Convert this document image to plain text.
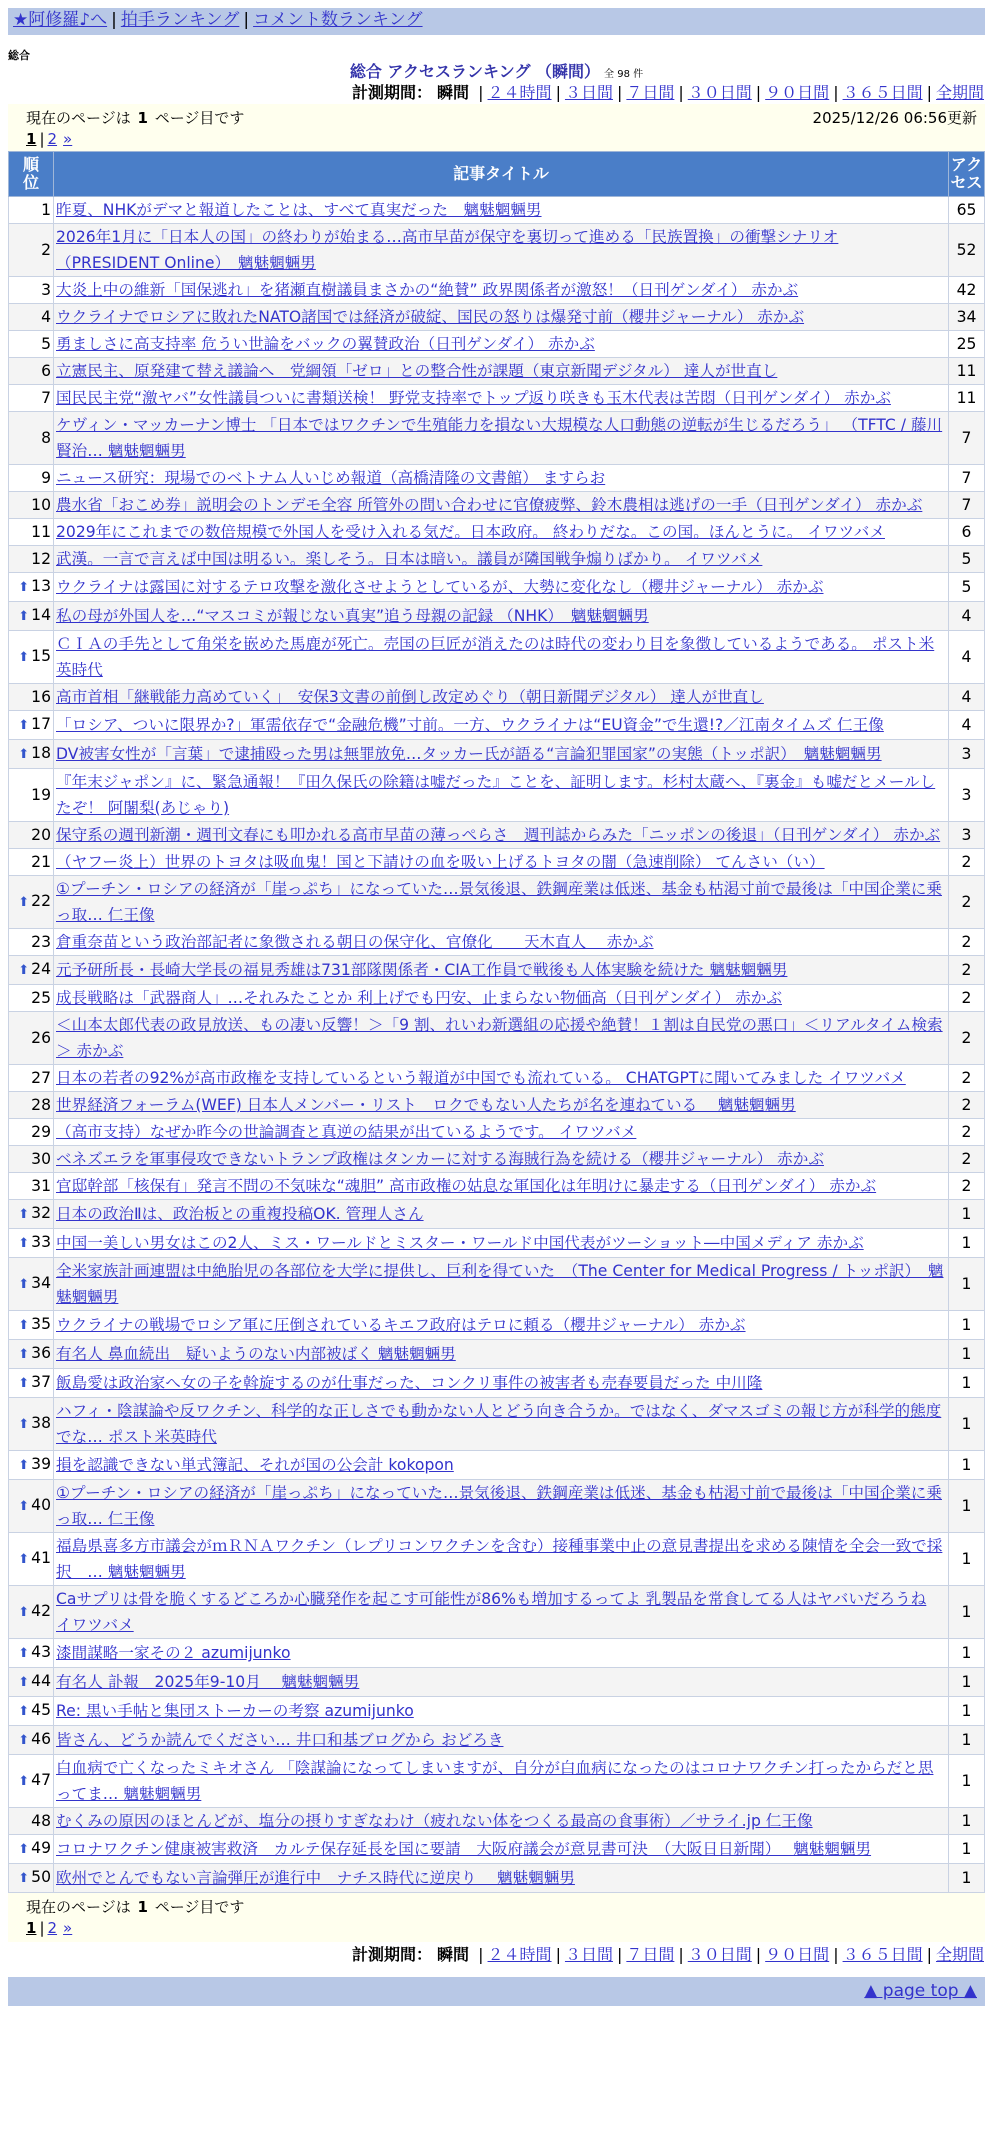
★阿修羅♪へ | 拍手ランキング | コメント数ランキング
総合
総合 アクセスランキング （瞬間） 全 98 件
計測期間： 瞬間 | ２４時間 | ３日間 | ７日間 | ３０日間 | ９０日間 | ３６５日間 | 全期間
現在のページは 1 ページ目です	2025/12/26 06:56更新
1 | 2 »
順位	記事タイトル	アクセス
1	昨夏、NHKがデマと報道したことは、すべて真実だった　魑魅魍魎男	65
2	2026年1月に「日本人の国」の終わりが始まる…高市早苗が保守を裏切って進める「民族置換」の衝撃シナリオ （PRESIDENT Online）　魑魅魍魎男	52
3	大炎上中の維新「国保逃れ」を猪瀬直樹議員まさかの“絶賛” 政界関係者が激怒！（日刊ゲンダイ） 赤かぶ	42
4	ウクライナでロシアに敗れたNATO諸国では経済が破綻、国民の怒りは爆発寸前（櫻井ジャーナル） 赤かぶ	34
5	勇ましさに高支持率 危うい世論をバックの翼賛政治（日刊ゲンダイ） 赤かぶ	25
6	立憲民主、原発建て替え議論へ　党綱領「ゼロ」との整合性が課題（東京新聞デジタル） 達人が世直し	11
7	国民民主党“激ヤバ”女性議員ついに書類送検！ 野党支持率でトップ返り咲きも玉木代表は苦悶（日刊ゲンダイ） 赤かぶ	11
8	ケヴィン・マッカーナン博士 「日本ではワクチンで生殖能力を損ない大規模な人口動態の逆転が生じるだろう」 （TFTC / 藤川賢治… 魑魅魍魎男	7
9	ニュース研究：現場でのベトナム人いじめ報道（高橋清隆の文書館） ますらお	7
10	農水省「おこめ券」説明会のトンデモ全容 所管外の問い合わせに官僚疲弊、鈴木農相は逃げの一手（日刊ゲンダイ） 赤かぶ	7
11	2029年にこれまでの数倍規模で外国人を受け入れる気だ。日本政府。 終わりだな。この国。ほんとうに。 イワツバメ	6
12	武漢。一言で言えば中国は明るい。楽しそう。日本は暗い。議員が隣国戦争煽りばかり。 イワツバメ	5
⬆ 13	ウクライナは露国に対するテロ攻撃を激化させようとしているが、大勢に変化なし（櫻井ジャーナル） 赤かぶ	5
⬆ 14	私の母が外国人を…“マスコミが報じない真実”追う母親の記録 （NHK）　魑魅魍魎男	4
⬆ 15	ＣＩＡの手先として角栄を嵌めた馬鹿が死亡。売国の巨匠が消えたのは時代の変わり目を象徴しているようである。 ポスト米英時代	4
16	高市首相「継戦能力高めていく」　安保3文書の前倒し改定めぐり（朝日新聞デジタル） 達人が世直し	4
⬆ 17	「ロシア、ついに限界か?」軍需依存で“金融危機”寸前。一方、ウクライナは“EU資金”で生還!?／江南タイムズ 仁王像	4
⬆ 18	DV被害女性が「言葉」で逮捕殴った男は無罪放免…タッカー氏が語る“言論犯罪国家”の実態（トッポ訳）　魑魅魍魎男	3
19	『年末ジャポン』に、緊急通報！『田久保氏の除籍は嘘だった』ことを、証明します。杉村太蔵へ、『裏金』も嘘だとメールしたぞ！ 阿闍梨(あじゃり)	3
20	保守系の週刊新潮・週刊文春にも叩かれる高市早苗の薄っぺらさ　週刊誌からみた「ニッポンの後退」（日刊ゲンダイ） 赤かぶ	3
21	（ヤフー炎上）世界のトヨタは吸血鬼！国と下請けの血を吸い上げるトヨタの闇（急速削除） てんさい（い）	2
⬆ 22	①プーチン・ロシアの経済が「崖っぷち」になっていた…景気後退、鉄鋼産業は低迷、基金も枯渇寸前で最後は「中国企業に乗っ取… 仁王像	2
23	倉重奈苗という政治部記者に象徴される朝日の保守化、官僚化　　天木直人　 赤かぶ	2
⬆ 24	元予研所長・長崎大学長の福見秀雄は731部隊関係者・CIA工作員で戦後も人体実験を続けた 魑魅魍魎男	2
25	成長戦略は「武器商人」…それみたことか 利上げでも円安、止まらない物価高（日刊ゲンダイ） 赤かぶ	2
26	＜山本太郎代表の政見放送、もの凄い反響！＞「9 割、れいわ新選組の応援や絶賛！１割は自民党の悪口」＜リアルタイム検索＞ 赤かぶ	2
27	日本の若者の92%が高市政権を支持しているという報道が中国でも流れている。 CHATGPTに聞いてみました イワツバメ	2
28	世界経済フォーラム(WEF) 日本人メンバー・リスト　ロクでもない人たちが名を連ねている　 魑魅魍魎男	2
29	（高市支持）なぜか昨今の世論調査と真逆の結果が出ているようです。 イワツバメ	2
30	ベネズエラを軍事侵攻できないトランプ政権はタンカーに対する海賊行為を続ける（櫻井ジャーナル） 赤かぶ	2
31	官邸幹部「核保有」発言不問の不気味な“魂胆” 高市政権の姑息な軍国化は年明けに暴走する（日刊ゲンダイ） 赤かぶ	2
⬆ 32	日本の政治Ⅱは、政治板との重複投稿OK. 管理人さん	1
⬆ 33	中国一美しい男女はこの2人、ミス・ワールドとミスター・ワールド中国代表がツーショット―中国メディア 赤かぶ	1
⬆ 34	全米家族計画連盟は中絶胎児の各部位を大学に提供し、巨利を得ていた　（The Center for Medical Progress / トッポ訳）　魑魅魍魎男	1
⬆ 35	ウクライナの戦場でロシア軍に圧倒されているキエフ政府はテロに頼る（櫻井ジャーナル） 赤かぶ	1
⬆ 36	有名人 鼻血続出　疑いようのない内部被ばく 魑魅魍魎男	1
⬆ 37	飯島愛は政治家へ女の子を斡旋するのが仕事だった、コンクリ事件の被害者も売春要員だった 中川隆	1
⬆ 38	ハフィ・陰謀論や反ワクチン、科学的な正しさでも動かない人とどう向き合うか。ではなく、ダマスゴミの報じ方が科学的態度でな… ポスト米英時代	1
⬆ 39	損を認識できない単式簿記、それが国の公会計 kokopon	1
⬆ 40	①プーチン・ロシアの経済が「崖っぷち」になっていた…景気後退、鉄鋼産業は低迷、基金も枯渇寸前で最後は「中国企業に乗っ取… 仁王像	1
⬆ 41	福島県喜多方市議会がｍＲＮＡワクチン（レプリコンワクチンを含む）接種事業中止の意見書提出を求める陳情を全会一致で採択　… 魑魅魍魎男	1
⬆ 42	Caサプリは骨を脆くするどころか心臓発作を起こす可能性が86%も増加するってよ 乳製品を常食してる人はヤバいだろうね イワツバメ	1
⬆ 43	漆間謀略一家その２ azumijunko	1
⬆ 44	有名人 訃報　2025年9-10月　 魑魅魍魎男	1
⬆ 45	Re: 黒い手帖と集団ストーカーの考察 azumijunko	1
⬆ 46	皆さん、どうか読んでください… 井口和基ブログから おどろき	1
⬆ 47	白血病で亡くなったミキオさん 「陰謀論になってしまいますが、自分が白血病になったのはコロナワクチン打ったからだと思ってま… 魑魅魍魎男	1
48	むくみの原因のほとんどが、塩分の摂りすぎなわけ（疲れない体をつくる最高の食事術）／サライ.jp 仁王像	1
⬆ 49	コロナワクチン健康被害救済　カルテ保存延長を国に要請　大阪府議会が意見書可決　（大阪日日新聞）　 魑魅魍魎男	1
⬆ 50	欧州でとんでもない言論弾圧が進行中　ナチス時代に逆戻り　 魑魅魍魎男	1
現在のページは 1 ページ目です
1 | 2 »
計測期間： 瞬間 | ２４時間 | ３日間 | ７日間 | ３０日間 | ９０日間 | ３６５日間 | 全期間
▲ page top ▲
